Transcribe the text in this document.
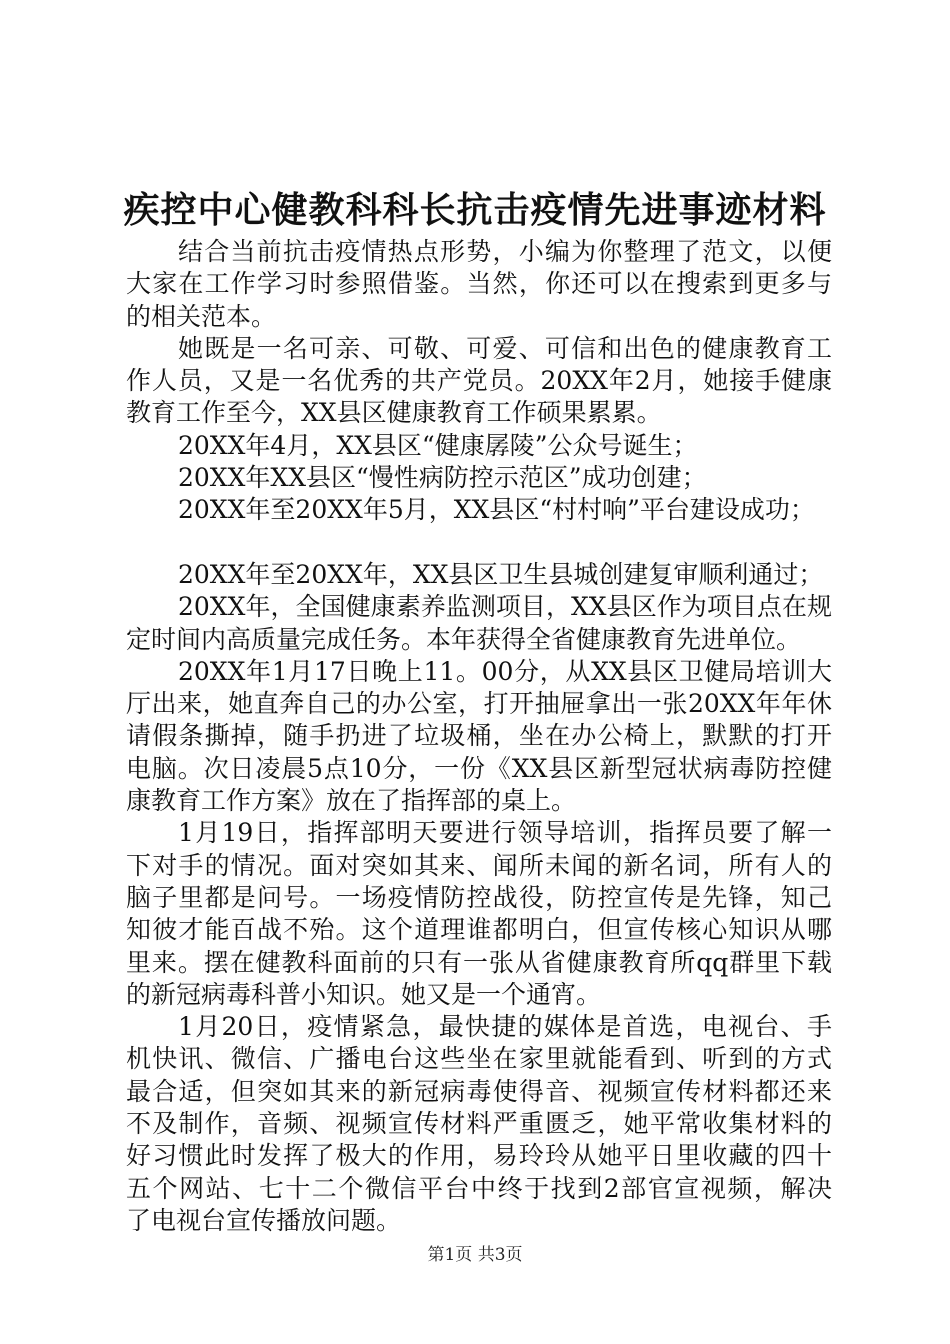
疾控中心健教科科长抗击疫情先进事迹材料
结合当前抗击疫情热点形势，小编为你整理了范文，以便
大家在工作学习时参照借鉴。当然，你还可以在搜索到更多与
的相关范本。
她既是一名可亲、可敬、可爱、可信和出色的健康教育工
作人员，又是一名优秀的共产党员。20XX年2月，她接手健康
教育工作至今，XX县区健康教育工作硕果累累。
20XX年4月，XX县区“健康孱陵”公众号诞生；
20XX年XX县区“慢性病防控示范区”成功创建；
20XX年至20XX年5月，XX县区“村村响”平台建设成功；
20XX年至20XX年，XX县区卫生县城创建复审顺利通过；
20XX年，全国健康素养监测项目，XX县区作为项目点在规
定时间内高质量完成任务。本年获得全省健康教育先进单位。
20XX年1月17日晚上11。00分，从XX县区卫健局培训大
厅出来，她直奔自己的办公室，打开抽屉拿出一张20XX年年休
请假条撕掉，随手扔进了垃圾桶，坐在办公椅上，默默的打开
电脑。次日凌晨5点10分，一份《XX县区新型冠状病毒防控健
康教育工作方案》放在了指挥部的桌上。
1月19日，指挥部明天要进行领导培训，指挥员要了解一
下对手的情况。面对突如其来、闻所未闻的新名词，所有人的
脑子里都是问号。一场疫情防控战役，防控宣传是先锋，知己
知彼才能百战不殆。这个道理谁都明白，但宣传核心知识从哪
里来。摆在健教科面前的只有一张从省健康教育所qq群里下载
的新冠病毒科普小知识。她又是一个通宵。
1月20日，疫情紧急，最快捷的媒体是首选，电视台、手
机快讯、微信、广播电台这些坐在家里就能看到、听到的方式
最合适，但突如其来的新冠病毒使得音、视频宣传材料都还来
不及制作，音频、视频宣传材料严重匮乏，她平常收集材料的
好习惯此时发挥了极大的作用，易玲玲从她平日里收藏的四十
五个网站、七十二个微信平台中终于找到2部官宣视频，解决
了电视台宣传播放问题。
第1页 共3页
